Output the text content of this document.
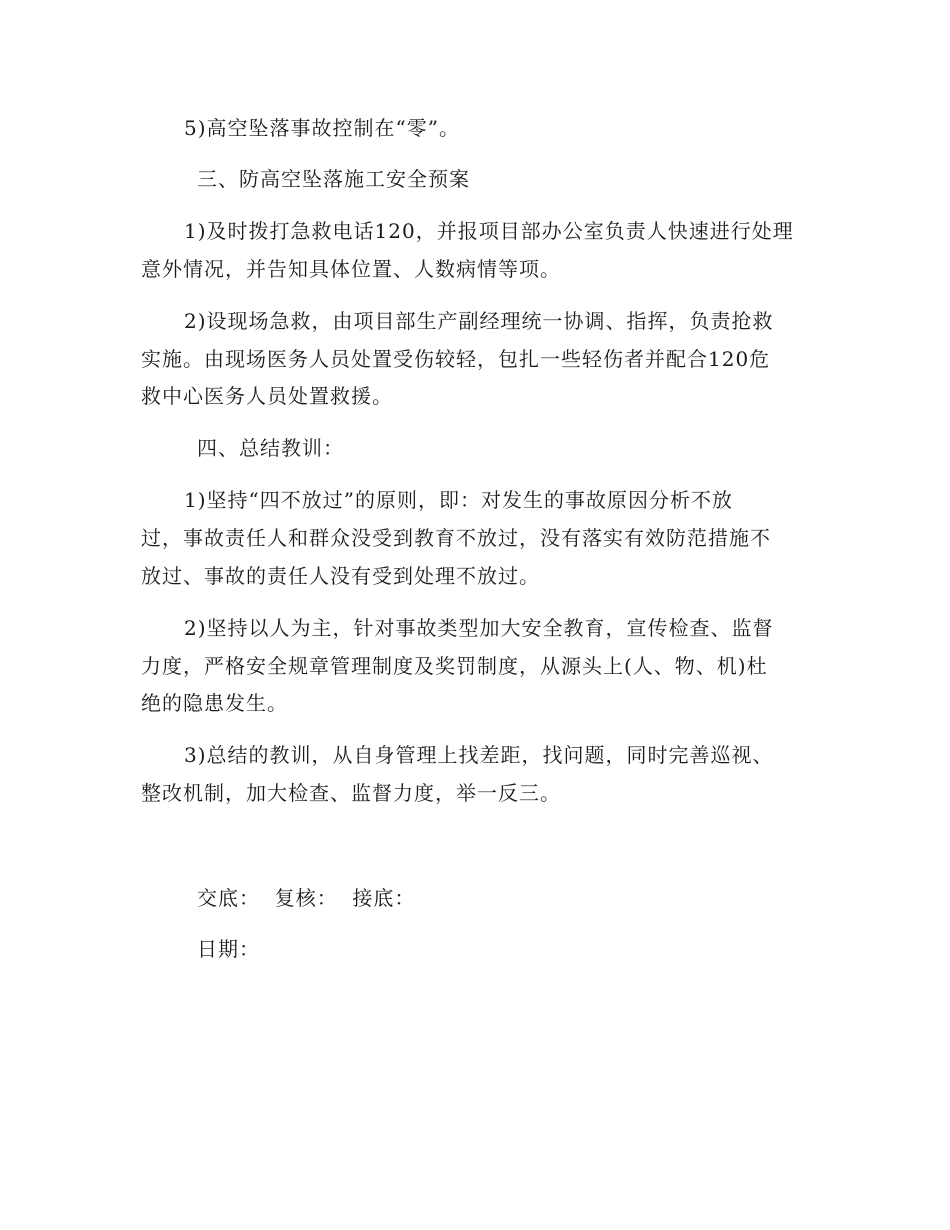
5)高空坠落事故控制在“零”。
三、防高空坠落施工安全预案
1)及时拨打急救电话120，并报项目部办公室负责人快速进行处理
意外情况，并告知具体位置、人数病情等项。
2)设现场急救，由项目部生产副经理统一协调、指挥，负责抢救
实施。由现场医务人员处置受伤较轻，包扎一些轻伤者并配合120危
救中心医务人员处置救援。
四、总结教训：
1)坚持“四不放过”的原则，即：对发生的事故原因分析不放
过，事故责任人和群众没受到教育不放过，没有落实有效防范措施不
放过、事故的责任人没有受到处理不放过。
2)坚持以人为主，针对事故类型加大安全教育，宣传检查、监督
力度，严格安全规章管理制度及奖罚制度，从源头上(人、物、机)杜
绝的隐患发生。
3)总结的教训，从自身管理上找差距，找问题，同时完善巡视、
整改机制，加大检查、监督力度，举一反三。
交底：  复核：  接底：
日期：
